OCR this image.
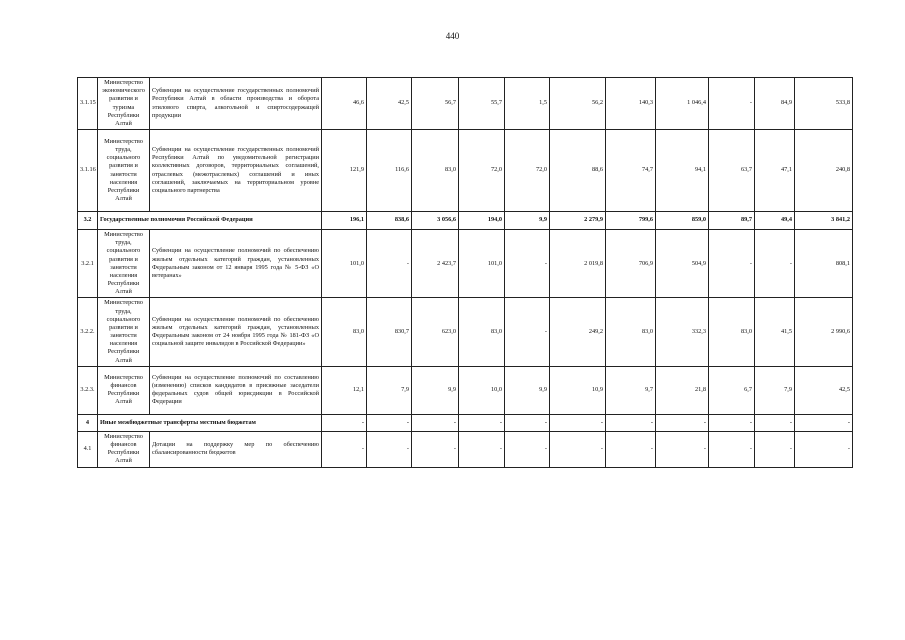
440
3.1.15	Министерство экономического развития и туризма Республики Алтай	Субвенции на осуществление государственных полномочий Республики Алтай в области производства и оборота этилового спирта, алкогольной и спиртосодержащей продукции	46,6	42,5	56,7	55,7	1,5	56,2	140,3	1 046,4	-	84,9	533,8
3.1.16	Министерство труда, социального развития и занятости населения Республики Алтай	Субвенции на осуществление государственных полномочий Республики Алтай по уведомительной регистрации коллективных договоров, территориальных соглашений, отраслевых (межотраслевых) соглашений и иных соглашений, заключаемых на территориальном уровне социального партнерства	121,9	116,6	83,0	72,0	72,0	88,6	74,7	94,1	63,7	47,1	240,8
3.2	Государственные полномочия Российской Федерации		196,1	838,6	3 056,6	194,0	9,9	2 279,9	799,6	859,0	89,7	49,4	3 841,2
3.2.1	Министерство труда, социального развития и занятости населения Республики Алтай	Субвенции на осуществление полномочий по обеспечению жильем отдельных категорий граждан, установленных Федеральным законом от 12 января 1995 года № 5-ФЗ «О ветеранах»	101,0	-	2 423,7	101,0	-	2 019,8	706,9	504,9	-	-	808,1
3.2.2.	Министерство труда, социального развития и занятости населения Республики Алтай	Субвенции на осуществление полномочий по обеспечению жильем отдельных категорий граждан, установленных Федеральным законом от 24 ноября 1995 года № 181-ФЗ «О социальной защите инвалидов в Российской Федерации»	83,0	830,7	623,0	83,0	-	249,2	83,0	332,3	83,0	41,5	2 990,6
3.2.3.	Министерство финансов Республики Алтай	Субвенции на осуществление полномочий по составлению (изменению) списков кандидатов в присяжные заседатели федеральных судов общей юрисдикции в Российской Федерации	12,1	7,9	9,9	10,0	9,9	10,9	9,7	21,8	6,7	7,9	42,5
4	Иные межбюджетные трансферты местным бюджетам		-	-	-	-	-	-	-	-	-	-	-
4.1	Министерство финансов Республики Алтай	Дотации на поддержку мер по обеспечению сбалансированности бюджетов	-	-	-	-	-	-	-	-	-	-	-
